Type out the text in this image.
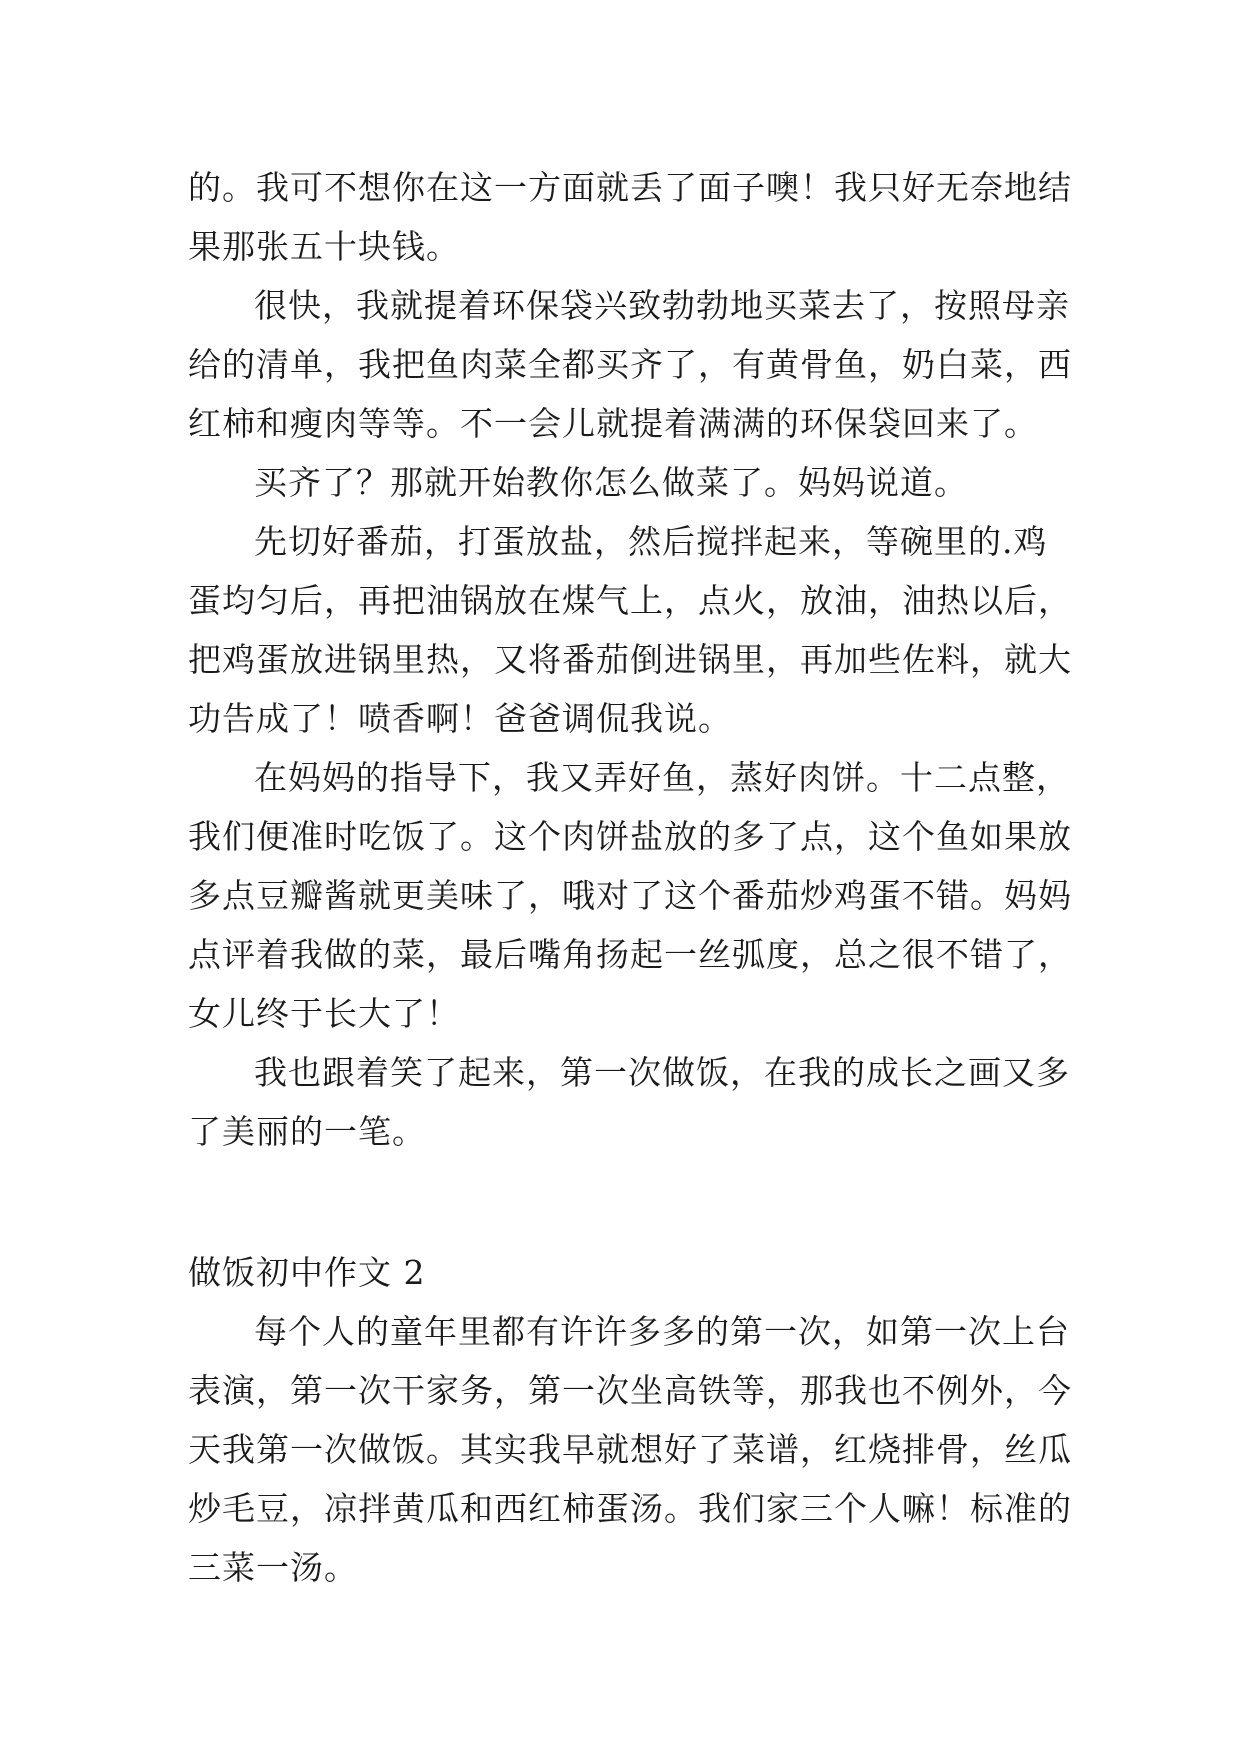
的。我可不想你在这一方面就丢了面子噢！我只好无奈地结
果那张五十块钱。
很快，我就提着环保袋兴致勃勃地买菜去了，按照母亲
给的清单，我把鱼肉菜全都买齐了，有黄骨鱼，奶白菜，西
红柿和瘦肉等等。不一会儿就提着满满的环保袋回来了。
买齐了？那就开始教你怎么做菜了。妈妈说道。
先切好番茄，打蛋放盐，然后搅拌起来，等碗里的.鸡
蛋均匀后，再把油锅放在煤气上，点火，放油，油热以后，
把鸡蛋放进锅里热，又将番茄倒进锅里，再加些佐料，就大
功告成了！喷香啊！爸爸调侃我说。
在妈妈的指导下，我又弄好鱼，蒸好肉饼。十二点整，
我们便准时吃饭了。这个肉饼盐放的多了点，这个鱼如果放
多点豆瓣酱就更美味了，哦对了这个番茄炒鸡蛋不错。妈妈
点评着我做的菜，最后嘴角扬起一丝弧度，总之很不错了，
女儿终于长大了！
我也跟着笑了起来，第一次做饭，在我的成长之画又多
了美丽的一笔。
做饭初中作文 2
每个人的童年里都有许许多多的第一次，如第一次上台
表演，第一次干家务，第一次坐高铁等，那我也不例外，今
天我第一次做饭。其实我早就想好了菜谱，红烧排骨，丝瓜
炒毛豆，凉拌黄瓜和西红柿蛋汤。我们家三个人嘛！标准的
三菜一汤。
